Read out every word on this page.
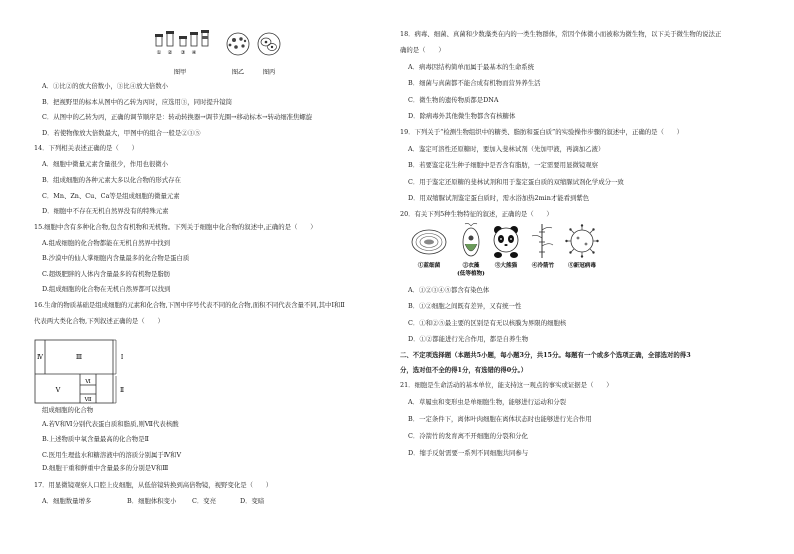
① ② ③ ④
图甲	图乙	图丙
A．①比②的放大倍数小，③比④放大倍数小
B．把视野里的标本从图中的乙转为丙时，应选用③，同时提升镜筒
C．从图中的乙转为丙，正确的调节顺序是：转动转换器→调节光圈→移动标本→转动细准焦螺旋
D．若使物像放大倍数最大，甲图中的组合一般是②③⑤
14．下列相关表述正确的是（　　）
A．细胞中微量元素含量很少，作用也很微小
B．组成细胞的各种元素大多以化合物的形式存在
C．Mn、Zn、Cu、Ca等是组成细胞的微量元素
D．细胞中不存在无机自然界没有的特殊元素
15.细胞中含有多种化合物,包含有机物和无机物。下列关于细胞中化合物的叙述中,正确的是（　　）
A.组成细胞的化合物都能在无机自然界中找到
B.沙漠中的仙人掌细胞内含量最多的化合物是蛋白质
C.超级肥胖的人体内含量最多的有机物是脂肪
D.组成细胞的化合物在无机自然界都可以找到
16.生命的物质基础是组成细胞的元素和化合物,下图中序号代表不同的化合物,面积不同代表含量不同,其中Ⅰ和Ⅱ
代表两大类化合物,下列叙述正确的是（　　）
Ⅳ	Ⅲ
Ⅴ
Ⅵ
Ⅶ
Ⅰ
Ⅱ
组成细胞的化合物
A.若Ⅴ和Ⅵ分别代表蛋白质和脂质,则Ⅶ代表核酸
B.上述物质中氧含量最高的化合物是Ⅱ
C.医用生理盐水和糖溶液中的溶质分别属于Ⅳ和Ⅴ
D.细胞干重和鲜重中含量最多的分别是Ⅴ和Ⅲ
17．用显微镜观察人口腔上皮细胞，从低倍镜转换到高倍物镜，视野变化是（　　）
A．细胞数量增多	B．细胞体积变小 C．变亮	D．变暗
18．病毒、细菌、真菌和少数藻类在内的一类生物群体，常因个体微小而被称为微生物，以下关于微生物的说法正
确的是（　　）
A．病毒因结构简单而属于最基本的生命系统
B．细菌与真菌都不能合成有机物而营异养生活
C．微生物的遗传物质都是DNA
D．除病毒外其他微生物都含有核糖体
19．下列关于“检测生物组织中的糖类、脂肪和蛋白质”的实验操作步骤的叙述中，正确的是（　　）
A．鉴定可溶性还原糖时，要加入斐林试剂（先加甲液，再滴加乙液）
B．若要鉴定花生种子细胞中是否含有脂肪，一定需要用显微镜观察
C．用于鉴定还原糖的斐林试剂和用于鉴定蛋白质的双缩脲试剂化学成分一致
D．用双缩脲试剂鉴定蛋白质时，需水浴加热2min才能看到紫色
20．有关下列5种生物特征的叙述，正确的是（　　）
①蓝细菌	②衣藻
(低等植物)
③大熊猫	④冷箭竹 ⑤新冠病毒
A．①②③④⑤都含有染色体
B．①②细胞之间既有差异，又有统一性
C．①和②⑤最主要的区别是有无以核膜为界限的细胞核
D．①②都能进行光合作用，都是自养生物
二、不定项选择题（本题共5小题，每小题3分，共15分。每题有一个或多个选项正确，全部选对的得3
分，选对但不全的得1分，有选错的得0分。）
21．细胞是生命活动的基本单位，能支持这一观点的事实或证据是（　　）
A．草履虫和变形虫是单细胞生物，能够进行运动和分裂
B．一定条件下，离体叶肉细胞在离体状态时也能够进行光合作用
C．冷箭竹的发育离不开细胞的分裂和分化
D．缩手反射需要一系列不同细胞共同参与
